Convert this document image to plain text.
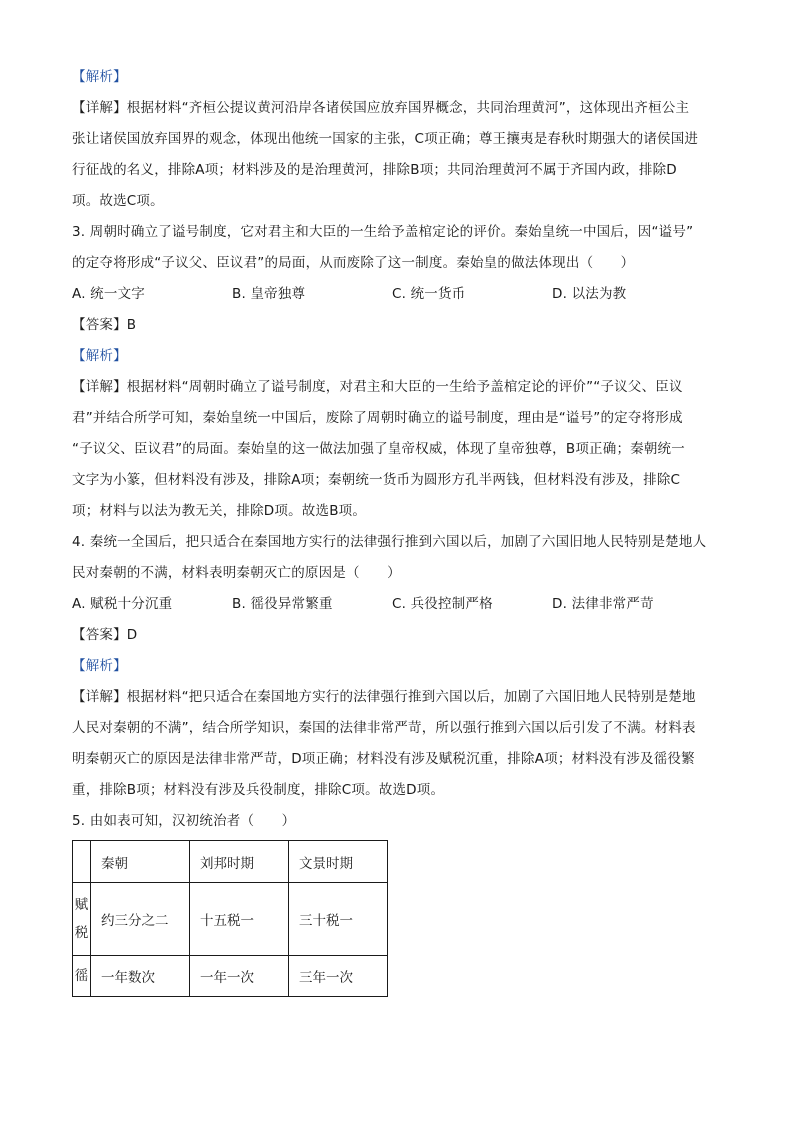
【解析】
【详解】根据材料“齐桓公提议黄河沿岸各诸侯国应放弃国界概念，共同治理黄河”，这体现出齐桓公主
张让诸侯国放弃国界的观念，体现出他统一国家的主张，C项正确；尊王攘夷是春秋时期强大的诸侯国进
行征战的名义，排除A项；材料涉及的是治理黄河，排除B项；共同治理黄河不属于齐国内政，排除D
项。故选C项。
3. 周朝时确立了谥号制度，它对君主和大臣的一生给予盖棺定论的评价。秦始皇统一中国后，因“谥号”
的定夺将形成“子议父、臣议君”的局面，从而废除了这一制度。秦始皇的做法体现出（　　）
A. 统一文字	B. 皇帝独尊	C. 统一货币	D. 以法为教
【答案】B
【解析】
【详解】根据材料“周朝时确立了谥号制度，对君主和大臣的一生给予盖棺定论的评价”“子议父、臣议
君”并结合所学可知，秦始皇统一中国后，废除了周朝时确立的谥号制度，理由是“谥号”的定夺将形成
“子议父、臣议君”的局面。秦始皇的这一做法加强了皇帝权威，体现了皇帝独尊，B项正确；秦朝统一
文字为小篆，但材料没有涉及，排除A项；秦朝统一货币为圆形方孔半两钱，但材料没有涉及，排除C
项；材料与以法为教无关，排除D项。故选B项。
4. 秦统一全国后，把只适合在秦国地方实行的法律强行推到六国以后，加剧了六国旧地人民特别是楚地人
民对秦朝的不满，材料表明秦朝灭亡的原因是（　　）
A. 赋税十分沉重	B. 徭役异常繁重	C. 兵役控制严格	D. 法律非常严苛
【答案】D
【解析】
【详解】根据材料“把只适合在秦国地方实行的法律强行推到六国以后，加剧了六国旧地人民特别是楚地
人民对秦朝的不满”，结合所学知识，秦国的法律非常严苛，所以强行推到六国以后引发了不满。材料表
明秦朝灭亡的原因是法律非常严苛，D项正确；材料没有涉及赋税沉重，排除A项；材料没有涉及徭役繁
重，排除B项；材料没有涉及兵役制度，排除C项。故选D项。
5. 由如表可知，汉初统治者（　　）
	秦朝	刘邦时期	文景时期
赋
税	约三分之二	十五税一	三十税一
徭	一年数次	一年一次	三年一次
